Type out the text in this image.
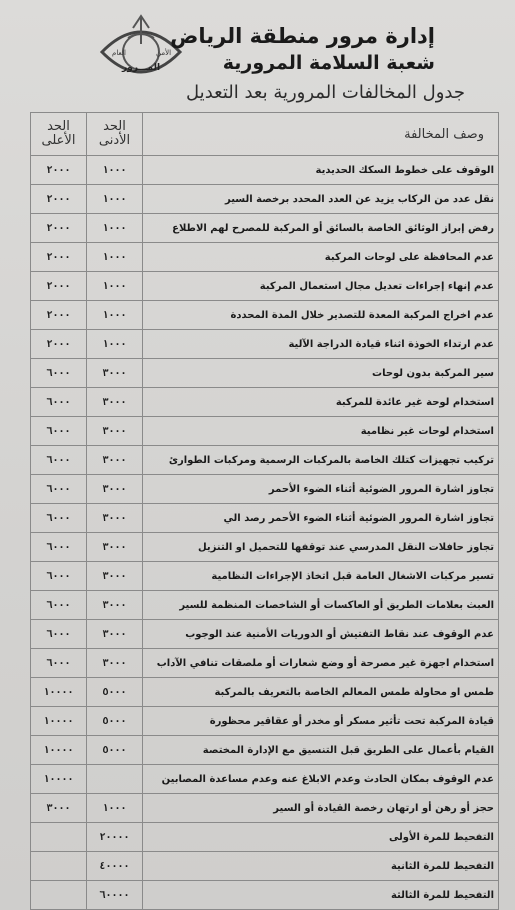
العام	الأمن
المـــرور
إدارة مرور منطقة الرياض
شعبة السلامة المرورية
جدول المخالفات المرورية بعد التعديل
وصف المخالفة	الحد الأدنى	الحد الأعلى
الوقوف على خطوط السكك الحديدية	١٠٠٠	٢٠٠٠
نقل عدد من الركاب يزيد عن العدد المحدد برخصة السير	١٠٠٠	٢٠٠٠
رفض إبراز الوثائق الخاصة بالسائق أو المركبة للمصرح لهم الاطلاع	١٠٠٠	٢٠٠٠
عدم المحافظة على لوحات المركبة	١٠٠٠	٢٠٠٠
عدم إنهاء إجراءات تعديل مجال استعمال المركبة	١٠٠٠	٢٠٠٠
عدم اخراج المركبة المعدة للتصدير خلال المدة المحددة	١٠٠٠	٢٠٠٠
عدم ارتداء الخوذة اثناء قيادة الدراجة الآلية	١٠٠٠	٢٠٠٠
سير المركبة بدون لوحات	٣٠٠٠	٦٠٠٠
استخدام لوحة غير عائدة للمركبة	٣٠٠٠	٦٠٠٠
استخدام لوحات غير نظامية	٣٠٠٠	٦٠٠٠
تركيب تجهيزات كتلك الخاصة بالمركبات الرسمية ومركبات الطوارئ	٣٠٠٠	٦٠٠٠
تجاوز اشارة المرور الضوئية أثناء الضوء الأحمر	٣٠٠٠	٦٠٠٠
تجاوز اشارة المرور الضوئية أثناء الضوء الأحمر رصد الي	٣٠٠٠	٦٠٠٠
تجاوز حافلات النقل المدرسي عند توقفها للتحميل او التنزيل	٣٠٠٠	٦٠٠٠
تسير مركبات الاشغال العامة قبل اتخاذ الإجراءات النظامية	٣٠٠٠	٦٠٠٠
العبث بعلامات الطريق أو العاكسات أو الشاخصات المنظمة للسير	٣٠٠٠	٦٠٠٠
عدم الوقوف عند نقاط التفتيش أو الدوريات الأمنية عند الوجوب	٣٠٠٠	٦٠٠٠
استخدام اجهزة غير مصرحة أو وضع شعارات أو ملصقات تنافي الآداب	٣٠٠٠	٦٠٠٠
طمس او محاولة طمس المعالم الخاصة بالتعريف بالمركبة	٥٠٠٠	١٠٠٠٠
قيادة المركبة تحت تأثير مسكر أو مخدر أو عقاقير محظورة	٥٠٠٠	١٠٠٠٠
القيام بأعمال على الطريق قبل التنسيق مع الإدارة المختصة	٥٠٠٠	١٠٠٠٠
عدم الوقوف بمكان الحادث وعدم الابلاغ عنه وعدم مساعدة المصابين		١٠٠٠٠
حجز أو رهن أو ارتهان رخصة القيادة أو السير	١٠٠٠	٣٠٠٠
التفحيط للمرة الأولى	٢٠٠٠٠	
التفحيط للمرة الثانية	٤٠٠٠٠	
التفحيط للمرة الثالثة	٦٠٠٠٠	
